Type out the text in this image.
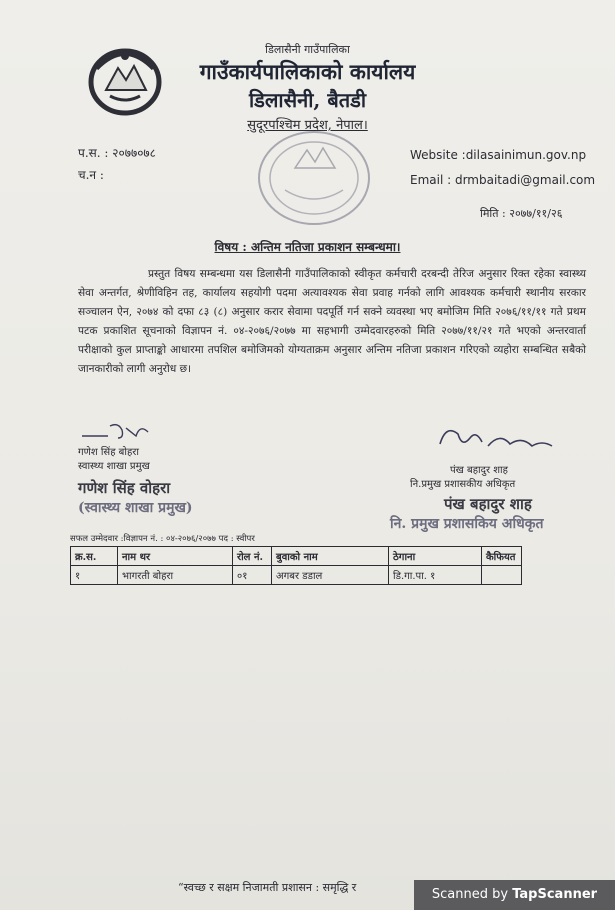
डिलासैनी गाउँपालिका
गाउँकार्यपालिकाको कार्यालय
डिलासैनी, बैतडी
सुदूरपश्चिम प्रदेश, नेपाल।
प.स. : २०७७०७८
च.न :
Website :dilasainimun.gov.np
Email : drmbaitadi@gmail.com
मिति : २०७७/११/२६
विषय : अन्तिम नतिजा प्रकाशन सम्बन्धमा।
प्रस्तुत विषय सम्बन्धमा यस डिलासैनी गाउँपालिकाको स्वीकृत कर्मचारी दरबन्दी तेरिज अनुसार रिक्त रहेका स्वास्थ्य सेवा अन्तर्गत, श्रेणीविहिन तह, कार्यालय सहयोगी पदमा अत्यावश्यक सेवा प्रवाह गर्नको लागि आवश्यक कर्मचारी स्थानीय सरकार सञ्चालन ऐन, २०७४ को दफा ८३ (८) अनुसार करार सेवामा पदपूर्ति गर्न सक्ने व्यवस्था भए बमोजिम मिति २०७६/११/११ गते प्रथम पटक प्रकाशित सूचनाको विज्ञापन नं. ०४-२०७६/२०७७ मा सहभागी उम्मेदवारहरुको मिति २०७७/११/२१ गते भएको अन्तरवार्ता परीक्षाको कुल प्राप्ताङ्को आधारमा तपशिल बमोजिमको योग्यताक्रम अनुसार अन्तिम नतिजा प्रकाशन गरिएको व्यहोरा सम्बन्धित सबैको जानकारीको लागी अनुरोध छ।
गणेश सिंह बोहरा
स्वास्थ्य शाखा प्रमुख
गणेश सिंह वोहरा
(स्वास्थ्य शाखा प्रमुख)
पंख बहादुर शाह
नि.प्रमुख प्रशासकीय अधिकृत
पंख बहादुर शाह
नि. प्रमुख प्रशासकिय अधिकृत
सफल उम्मेदवार :विज्ञापन नं. : ०४-२०७६/२०७७ पद : स्वीपर
क्र.स.	नाम थर	रोल नं.	बुवाको नाम	ठेगाना	कैफियत
१	भागरती बोहरा	०१	अगबर डडाल	डि.गा.पा. १	
“स्वच्छ र सक्षम निजामती प्रशासन : समृद्धि र	Scanned by TapScanner
